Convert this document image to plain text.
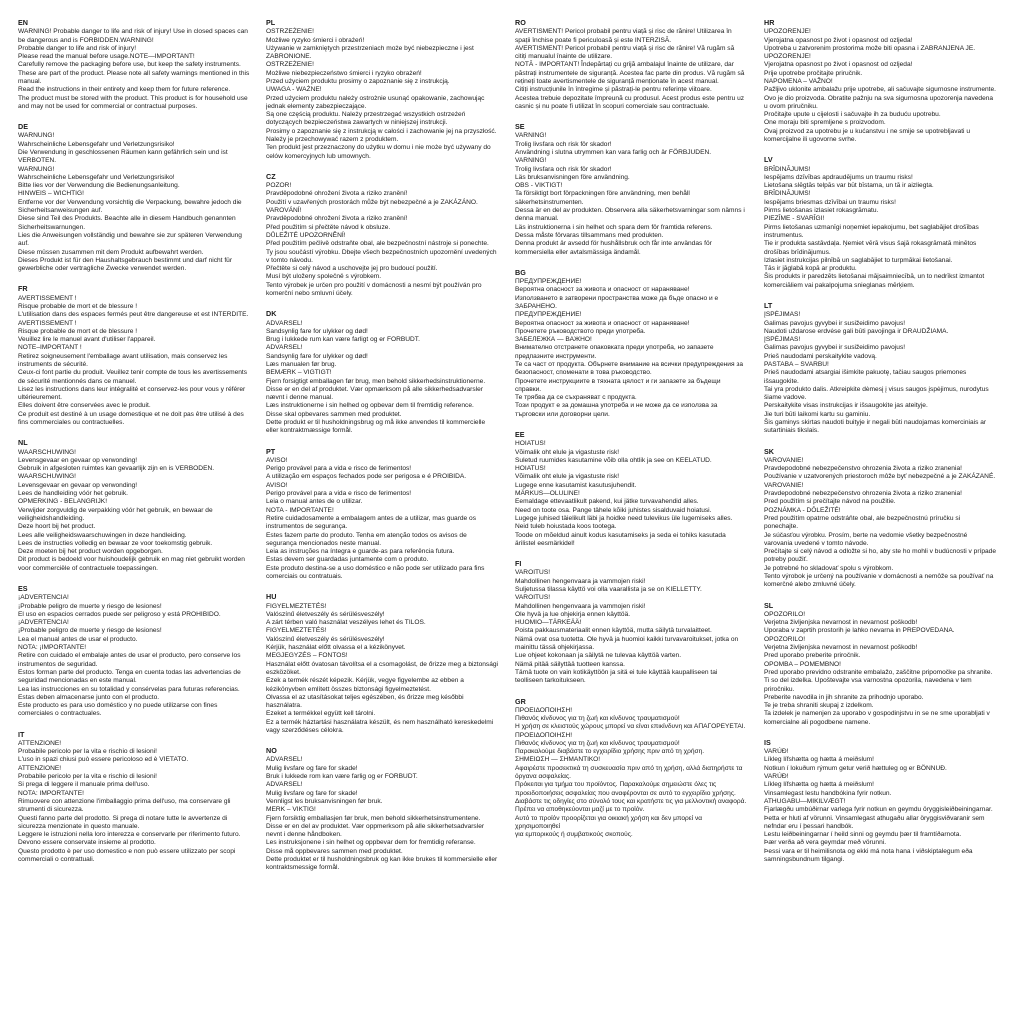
EN
WARNING! Probable danger to life and risk of injury! Use in closed spaces can be dangerous and is FORBIDDEN.WARNING!
Probable danger to life and risk of injury!
Please read the manual before usage.NOTE—IMPORTANT!
Carefully remove the packaging before use, but keep the safety instruments.
These are part of the product. Please note all safety warnings mentioned in this manual.
Read the instructions in their entirety and keep them for future reference.
The product must be stored with the product. This product is for household use and may not be used for commercial or contractual purposes.
DE
WARNUNG!
Wahrscheinliche Lebensgefahr und Verletzungsrisiko!
Die Verwendung in geschlossenen Räumen kann gefährlich sein und ist VERBOTEN.
WARNUNG!
Wahrscheinliche Lebensgefahr und Verletzungsrisiko!
Bitte lies vor der Verwendung die Bedienungsanleitung.
HINWEIS – WICHTIG!
Entferne vor der Verwendung vorsichtig die Verpackung, bewahre jedoch die Sicherheitsanweisungen auf.
Diese sind Teil des Produkts. Beachte alle in diesem Handbuch genannten Sicherheitswarnungen.
Lies die Anweisungen vollständig und bewahre sie zur späteren Verwendung auf.
Diese müssen zusammen mit dem Produkt aufbewahrt werden.
Dieses Produkt ist für den Haushaltsgebrauch bestimmt und darf nicht für gewerbliche oder vertragliche Zwecke verwendet werden.
FR
AVERTISSEMENT !
Risque probable de mort et de blessure !
L'utilisation dans des espaces fermés peut être dangereuse et est INTERDITE.
AVERTISSEMENT !
Risque probable de mort et de blessure !
Veuillez lire le manuel avant d'utiliser l'appareil.
NOTE–IMPORTANT !
Retirez soigneusement l'emballage avant utilisation, mais conservez les instruments de sécurité.
Ceux-ci font partie du produit. Veuillez tenir compte de tous les avertissements de sécurité mentionnés dans ce manuel.
Lisez les instructions dans leur intégralité et conservez-les pour vous y référer ultérieurement.
Elles doivent être conservées avec le produit.
Ce produit est destiné à un usage domestique et ne doit pas être utilisé à des fins commerciales ou contractuelles.
NL
WAARSCHUWING!
Levensgevaar en gevaar op verwonding!
Gebruik in afgesloten ruimtes kan gevaarlijk zijn en is VERBODEN.
WAARSCHUWING!
Levensgevaar en gevaar op verwonding!
Lees de handleiding vóór het gebruik.
OPMERKING - BELANGRIJK!
Verwijder zorgvuldig de verpakking vóór het gebruik, en bewaar de veiligheidshandleiding.
Deze hoort bij het product.
Lees alle veiligheidswaarschuwingen in deze handleiding.
Lees de instructies volledig en bewaar ze voor toekomstig gebruik.
Deze moeten bij het product worden opgeborgen.
Dit product is bedoeld voor huishoudelijk gebruik en mag niet gebruikt worden voor commerciële of contractuele toepassingen.
ES
¡ADVERTENCIA!
¡Probable peligro de muerte y riesgo de lesiones!
El uso en espacios cerrados puede ser peligroso y está PROHIBIDO.
¡ADVERTENCIA!
¡Probable peligro de muerte y riesgo de lesiones!
Lea el manual antes de usar el producto.
NOTA: ¡IMPORTANTE!
Retire con cuidado el embalaje antes de usar el producto, pero conserve los instrumentos de seguridad.
Estos forman parte del producto. Tenga en cuenta todas las advertencias de seguridad mencionadas en este manual.
Lea las instrucciones en su totalidad y consérvelas para futuras referencias.
Estas deben almacenarse junto con el producto.
Este producto es para uso doméstico y no puede utilizarse con fines comerciales o contractuales.
IT
ATTENZIONE!
Probabile pericolo per la vita e rischio di lesioni!
L'uso in spazi chiusi può essere pericoloso ed è VIETATO.
ATTENZIONE!
Probabile pericolo per la vita e rischio di lesioni!
Si prega di leggere il manuale prima dell'uso.
NOTA: IMPORTANTE!
Rimuovere con attenzione l'imballaggio prima dell'uso, ma conservare gli strumenti di sicurezza.
Questi fanno parte del prodotto. Si prega di notare tutte le avvertenze di sicurezza menzionate in questo manuale.
Leggere le istruzioni nella loro interezza e conservarle per riferimento futuro.
Devono essere conservate insieme al prodotto.
Questo prodotto è per uso domestico e non può essere utilizzato per scopi commerciali o contrattuali.
PL
OSTRZEŻENIE!
Możliwe ryzyko śmierci i obrażeń!
Używanie w zamkniętych przestrzeniach może być niebezpieczne i jest ZABRONIONE.
OSTRZEŻENIE!
Możliwe niebezpieczeństwo śmierci i ryzyko obrażeń!
Przed użyciem produktu prosimy o zapoznanie się z instrukcją.
UWAGA - WAŻNE!
Przed użyciem produktu należy ostrożnie usunąć opakowanie, zachowując jednak elementy zabezpieczające.
Są one częścią produktu. Należy przestrzegać wszystkich ostrzeżeń dotyczących bezpieczeństwa zawartych w niniejszej instrukcji.
Prosimy o zapoznanie się z instrukcją w całości i zachowanie jej na przyszłość.
Należy je przechowywać razem z produktem.
Ten produkt jest przeznaczony do użytku w domu i nie może być używany do celów komercyjnych lub umownych.
CZ
POZOR!
Pravděpodobné ohrožení života a riziko zranění!
Použití v uzavřených prostorách může být nebezpečné a je ZAKÁZÁNO.
VAROVÁNÍ!
Pravděpodobné ohrožení života a riziko zranění!
Před použitím si přečtěte návod k obsluze.
DŮLEŽITÉ UPOZORNĚNÍ!
Před použitím pečlivě odstraňte obal, ale bezpečnostní nástroje si ponechte.
Ty jsou součástí výrobku. Dbejte všech bezpečnostních upozornění uvedených v tomto návodu.
Přečtěte si celý návod a uschovejte jej pro budoucí použití.
Musí být uloženy společně s výrobkem.
Tento výrobek je určen pro použití v domácnosti a nesmí být používán pro komerční nebo smluvní účely.
DK
ADVARSEL!
Sandsynlig fare for ulykker og død!
Brug i lukkede rum kan være farligt og er FORBUDT.
ADVARSEL!
Sandsynlig fare for ulykker og død!
Læs manualen før brug.
BEMÆRK – VIGTIGT!
Fjern forsigtigt emballagen før brug, men behold sikkerhedsinstruktionerne.
Disse er en del af produktet. Vær opmærksom på alle sikkerhedsadvarsler nævnt i denne manual.
Læs instruktionerne i sin helhed og opbevar dem til fremtidig reference.
Disse skal opbevares sammen med produktet.
Dette produkt er til husholdningsbrug og må ikke anvendes til kommercielle eller kontraktmæssige formål.
PT
AVISO!
Perigo provável para a vida e risco de ferimentos!
A utilização em espaços fechados pode ser perigosa e é PROIBIDA.
AVISO!
Perigo provável para a vida e risco de ferimentos!
Leia o manual antes de o utilizar.
NOTA - IMPORTANTE!
Retire cuidadosamente a embalagem antes de a utilizar, mas guarde os instrumentos de segurança.
Estes fazem parte do produto. Tenha em atenção todos os avisos de segurança mencionados neste manual.
Leia as instruções na íntegra e guarde-as para referência futura.
Estas devem ser guardadas juntamente com o produto.
Este produto destina-se a uso doméstico e não pode ser utilizado para fins comerciais ou contratuais.
HU
FIGYELMEZTETÉS!
Valószínű életveszély és sérülésveszély!
A zárt térben való használat veszélyes lehet és TILOS.
FIGYELMEZTETÉS!
Valószínű életveszély és sérülésveszély!
Kérjük, használat előtt olvassa el a kézikönyvet.
MEGJEGYZÉS – FONTOS!
Használat előtt óvatosan távolítsa el a csomagolást, de őrizze meg a biztonsági eszközöket.
Ezek a termék részét képezik. Kérjük, vegye figyelembe az ebben a kézikönyvben említett összes biztonsági figyelmeztetést.
Olvassa el az utasításokat teljes egészében, és őrizze meg későbbi használatra.
Ezeket a termékkel együtt kell tárolni.
Ez a termék háztartási használatra készült, és nem használható kereskedelmi vagy szerződéses célokra.
NO
ADVARSEL!
Mulig livsfare og fare for skade!
Bruk i lukkede rom kan være farlig og er FORBUDT.
ADVARSEL!
Mulig livsfare og fare for skade!
Vennligst les bruksanvisningen før bruk.
MERK – VIKTIG!
Fjern forsiktig emballasjen før bruk, men behold sikkerhetsinstrumentene.
Disse er en del av produktet. Vær oppmerksom på alle sikkerhetsadvarsler nevnt i denne håndboken.
Les instruksjonene i sin helhet og oppbevar dem for fremtidig referanse.
Disse må oppbevares sammen med produktet.
Dette produktet er til husholdningsbruk og kan ikke brukes til kommersielle eller kontraktsmessige formål.
RO
AVERTISMENT! Pericol probabil pentru viață și risc de rănire! Utilizarea în spații închise poate fi periculoasă și este INTERZISĂ.
AVERTISMENT! Pericol probabil pentru viață și risc de rănire! Vă rugăm să citiți manualul înainte de utilizare.
NOTĂ - IMPORTANT! Îndepărtați cu grijă ambalajul înainte de utilizare, dar păstrați instrumentele de siguranță. Acestea fac parte din produs. Vă rugăm să rețineți toate avertismentele de siguranță menționate în acest manual.
Citiți instrucțiunile în întregime și păstrați-le pentru referințe viitoare.
Acestea trebuie depozitate împreună cu produsul. Acest produs este pentru uz casnic și nu poate fi utilizat în scopuri comerciale sau contractuale.
SE
VARNING!
Trolig livsfara och risk för skador!
Användning i slutna utrymmen kan vara farlig och är FÖRBJUDEN.
VARNING!
Trolig livsfara och risk för skador!
Läs bruksanvisningen före användning.
OBS - VIKTIGT!
Ta försiktigt bort förpackningen före användning, men behåll säkerhetsinstrumenten.
Dessa är en del av produkten. Observera alla säkerhetsvarningar som nämns i denna manual.
Läs instruktionerna i sin helhet och spara dem för framtida referens.
Dessa måste förvaras tillsammans med produkten.
Denna produkt är avsedd för hushållsbruk och får inte användas för kommersiella eller avtalsmässiga ändamål.
BG
ПРЕДУПРЕЖДЕНИЕ!
Вероятна опасност за живота и опасност от нараняване!
Използването в затворени пространства може да бъде опасно и е ЗАБРАНЕНО.
ПРЕДУПРЕЖДЕНИЕ!
Вероятна опасност за живота и опасност от нараняване!
Прочетете ръководството преди употреба.
ЗАБЕЛЕЖКА — ВАЖНО!
Внимателно отстранете опаковката преди употреба, но запазете предпазните инструменти.
Те са част от продукта. Обърнете внимание на всички предупреждения за безопасност, споменати в това ръководство.
Прочетете инструкциите в тяхната цялост и ги запазете за бъдещи справки.
Те трябва да се съхраняват с продукта.
Този продукт е за домашна употреба и не може да се използва за търговски или договорни цели.
EE
HOIATUS!
Võimalik oht elule ja vigastuste risk!
Suletud ruumides kasutamine võib olla ohtlik ja see on KEELATUD.
HOIATUS!
Võimalik oht elule ja vigastuste risk!
Lugege enne kasutamist kasutusjuhendit.
MÄRKUS—OLULINE!
Eemaldage ettevaatlikult pakend, kui jätke turvavahendid alles.
Need on toote osa. Pange tähele kõiki juhistes sisalduvaid hoiatusi.
Lugege juhised täielikult läbi ja hoidke need tulevikus üle lugemiseks alles.
Neid tuleb hoiustada koos tootega.
Toode on mõeldud ainult kodus kasutamiseks ja seda ei tohiks kasutada ärilistel eesmärkidel!
FI
VAROITUS!
Mahdollinen hengenvaara ja vammojen riski!
Suljetussa tilassa käyttö voi olla vaarallista ja se on KIELLETTY.
VAROITUS!
Mahdollinen hengenvaara ja vammojen riski!
Ole hyvä ja lue ohjekirja ennen käyttöä.
HUOMIO—TÄRKEÄÄ!
Poista pakkausmateriaalit ennen käyttöä, mutta säilytä turvalaitteet.
Nämä ovat osa tuotetta. Ole hyvä ja huomioi kaikki turvavaroitukset, jotka on mainittu tässä ohjekirjassa.
Lue ohjeet kokonaan ja säilytä ne tulevaa käyttöä varten.
Nämä pitää säilyttää tuotteen kanssa.
Tämä tuote on vain kotikäyttöön ja sitä ei tule käyttää kaupalliseen tai teolliseen tarkoitukseen.
GR
ΠΡΟΕΙΔΟΠΟΙΗΣΗ!
Πιθανός κίνδυνος για τη ζωή και κίνδυνος τραυματισμού!
Η χρήση σε κλειστούς χώρους μπορεί να είναι επικίνδυνη και ΑΠΑΓΟΡΕΥΕΤΑΙ.
ΠΡΟΕΙΔΟΠΟΙΗΣΗ!
Πιθανός κίνδυνος για τη ζωή και κίνδυνος τραυματισμού!
Παρακαλούμε διαβάστε το εγχειρίδιο χρήσης πριν από τη χρήση.
ΣΗΜΕΙΩΣΗ — ΣΗΜΑΝΤΙΚΟ!
Αφαιρέστε προσεκτικά τη συσκευασία πριν από τη χρήση, αλλά διατηρήστε τα όργανα ασφαλείας.
Πρόκειται για τμήμα του προϊόντος. Παρακαλούμε σημειώστε όλες τις προειδοποιήσεις ασφαλείας που αναφέρονται σε αυτό το εγχειρίδιο χρήσης.
Διαβάστε τις οδηγίες στο σύνολό τους και κρατήστε τις για μελλοντική αναφορά.
Πρέπει να αποθηκεύονται μαζί με το προϊόν.
Αυτό το προϊόν προορίζεται για οικιακή χρήση και δεν μπορεί να χρησιμοποιηθεί
για εμπορικούς ή συμβατικούς σκοπούς.
HR
UPOZORENJE!
Vjerojatna opasnost po život i opasnost od ozljeda!
Upotreba u zatvorenim prostorima može biti opasna i ZABRANJENA JE.
UPOZORENJE!
Vjerojatna opasnost po život i opasnost od ozljeda!
Prije upotrebe pročitajte priručnik.
NAPOMENA – VAŽNO!
Pažljivo uklonite ambalažu prije upotrebe, ali sačuvajte sigurnosne instrumente.
Ovo je dio proizvoda. Obratite pažnju na sva sigurnosna upozorenja navedena u ovom priručniku.
Pročitajte upute u cijelosti i sačuvajte ih za buduću upotrebu.
One moraju biti spremljene s proizvodom.
Ovaj proizvod za upotrebu je u kućanstvu i ne smije se upotrebljavati u komercijalne ili ugovorne svrhe.
LV
BRĪDINĀJUMS!
Iespējams dzīvības apdraudējums un traumu risks!
Lietošana slēgtās telpās var būt bīstama, un tā ir aizliegta.
BRĪDINĀJUMS!
Iespējams briesmas dzīvībai un traumu risks!
Pirms lietošanas izlasiet rokasgrāmatu.
PIEZĪME - SVARĪGI!
Pirms lietošanas uzmanīgi noņemiet iepakojumu, bet saglabājiet drošības instrumentus.
Tie ir produkta sastāvdaļa. Ņemiet vērā visus šajā rokasgrāmatā minētos drošības brīdinājumus.
Izlasiet instrukcijas pilnībā un saglabājiet to turpmākai lietošanai.
Tās ir jāglabā kopā ar produktu.
Šis produkts ir paredzēts lietošanai mājsaimniecībā, un to nedrīkst izmantot komerciāliem vai pakalpojuma snieglanas mērķiem.
LT
ĮSPĖJIMAS!
Galimas pavojus gyvybei ir susižeidimo pavojus!
Naudoti uždarose erdvėse gali būti pavojinga ir DRAUDŽIAMA.
ĮSPĖJIMAS!
Galimas pavojus gyvybei ir susižeidimo pavojus!
Prieš naudodami perskaitykite vadovą.
PASTABA – SVARBU!
Prieš naudodami atsargiai išimkite pakuotę, tačiau saugos priemones išsaugokite.
Tai yra produkto dalis. Atkreipkite dėmesį į visus saugos įspėjimus, nurodytus šiame vadove.
Perskaitykite visas instrukcijas ir išsaugokite jas ateityje.
Jie turi būti laikomi kartu su gaminiu.
Šis gaminys skirtas naudoti buityje ir negali būti naudojamas komerciniais ar sutartiniais tikslais.
SK
VAROVANIE!
Pravdepodobné nebezpečenstvo ohrozenia života a riziko zranenia!
Používanie v uzatvorených priestoroch môže byť nebezpečné a je ZAKÁZANÉ.
VAROVANIE!
Pravdepodobné nebezpečenstvo ohrozenia života a riziko zranenia!
Pred použitím si prečítajte návod na použitie.
POZNÁMKA - DÔLEŽITÉ!
Pred použitím opatrne odstráňte obal, ale bezpečnostnú príručku si ponechajte.
Je súčasťou výrobku. Prosím, berte na vedomie všetky bezpečnostné varovania uvedené v tomto návode.
Prečítajte si celý návod a odložte si ho, aby ste ho mohli v budúcnosti v prípade potreby použiť.
Je potrebné ho skladovať spolu s výrobkom.
Tento výrobok je určený na používanie v domácnosti a nemôže sa používať na komerčné alebo zmluvné účely.
SL
OPOZORILO!
Verjetna življenjska nevarnost in nevarnost poškodb!
Uporaba v zaprtih prostorih je lahko nevarna in PREPOVEDANA.
OPOZORILO!
Verjetna življenjska nevarnost in nevarnost poškodb!
Pred uporabo preberite priročnik.
OPOMBA – POMEMBNO!
Pred uporabo previdno odstranite embalažo, zaščitne pripomočke pa shranite.
Ti so del izdelka. Upoštevajte vsa varnostna opozorila, navedena v tem priročniku.
Preberite navodila in jih shranite za prihodnjo uporabo.
Te je treba shraniti skupaj z izdelkom.
Ta izdelek je namenjen za uporabo v gospodinjstvu in se ne sme uporabljati v komercialne ali pogodbene namene.
IS
VARÚÐ!
Líkleg lífshætta og hætta á meiðslum!
Notkun í lokuðum rýmum getur verið hættuleg og er BÖNNUÐ.
VARÚÐ!
Líkleg lífshætta og hætta á meiðslum!
Vinsamlegast lestu handbókina fyrir notkun.
ATHUGABU—MIKILVÆGT!
Fjarlægðu umbúðirnar varlega fyrir notkun en geymdu öryggisleiðbeiningarnar.
Þetta er hluti af vörunni. Vinsamlegast athugaðu allar öryggisviðvaranir sem nefndar eru í þessari handbók.
Lestu leiðbeiningarnar í heild sinni og geymdu þær til framtíðarnota.
Þær verða að vera geymdar með vörunni.
Þessi vara er til heimilisnota og ekki má nota hana í viðskiptalegum eða samningsbundnum tilgangi.
